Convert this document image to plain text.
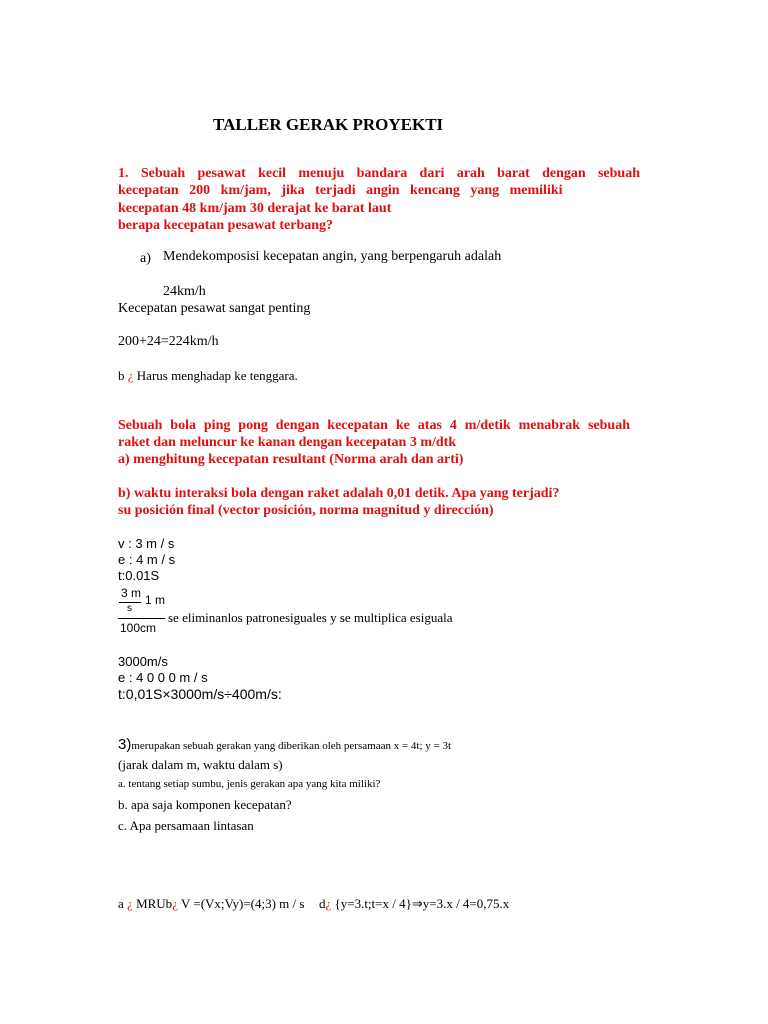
TALLER GERAK PROYEKTI
1. Sebuah pesawat kecil menuju bandara dari arah barat dengan sebuah
kecepatan 200 km/jam, jika terjadi angin kencang yang memiliki
kecepatan 48 km/jam 30 derajat ke barat laut
berapa kecepatan pesawat terbang?
a) Mendekomposisi kecepatan angin, yang berpengaruh adalah
24km/h
Kecepatan pesawat sangat penting
200+24=224km/h
b ¿ Harus menghadap ke tenggara.
Sebuah bola ping pong dengan kecepatan ke atas 4 m/detik menabrak sebuah
raket dan meluncur ke kanan dengan kecepatan 3 m/dtk
a) menghitung kecepatan resultant (Norma arah dan arti)
b) waktu interaksi bola dengan raket adalah 0,01 detik. Apa yang terjadi?
su posición final (vector posición, norma magnitud y dirección)
v : 3 m / s
e : 4 m / s
t:0.01S
3 m
s
1 m
100cm
se eliminanlos patronesiguales y se multiplica esiguala
3000m/s
e : 4 0 0 0 m / s
t:0,01S×3000m/s÷400m/s:
3)merupakan sebuah gerakan yang diberikan oleh persamaan x = 4t; y = 3t
(jarak dalam m, waktu dalam s)
a. tentang setiap sumbu, jenis gerakan apa yang kita miliki?
b. apa saja komponen kecepatan?
c. Apa persamaan lintasan
a ¿ MRUb¿ V =(Vx;Vy)=(4;3) m / s d¿ {y=3.t;t=x / 4}⇒y=3.x / 4=0,75.x
